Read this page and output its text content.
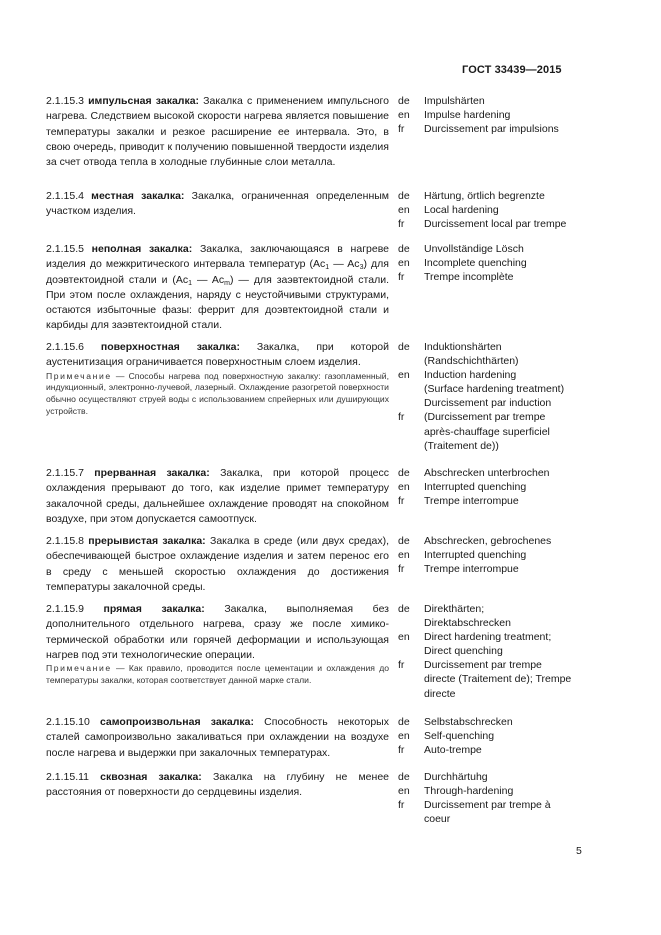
ГОСТ 33439—2015

2.1.15.3 импульсная закалка: Закалка с применением импульсного нагрева. Следствием высокой скорости нагрева является повышение температуры закалки и резкое расширение ее интервала. Это, в свою очередь, приводит к получению повышенной твердости изделия за счет отвода тепла в холодные глубинные слои металла.

de	Impulshärten
en	Impulse hardening
fr	Durcissement par impulsions

2.1.15.4 местная закалка: Закалка, ограниченная определенным участком изделия.

de	Härtung, örtlich begrenzte
en	Local hardening
fr	Durcissement local par trempe

2.1.15.5 неполная закалка: Закалка, заключающаяся в нагреве изделия до межкритического интервала температур ($Ac_1$ — $Ac_3$) для доэвтектоидной стали и ($Ac_1$ — $Ac_m$) — для заэвтектоидной стали. При этом после охлаждения, наряду с неустойчивыми структурами, остаются избыточные фазы: феррит для доэвтектоидной стали и карбиды для заэвтектоидной стали.

de	Unvollständige Lösch
en	Incomplete quenching
fr	Trempe incomplète

2.1.15.6 поверхностная закалка: Закалка, при которой аустенитизация ограничивается поверхностным слоем изделия.

Примечание — Способы нагрева под поверхностную закалку: газопламенный, индукционный, электронно-лучевой, лазерный. Охлаждение разогретой поверхности обычно осуществляют струей воды с использованием спрейерных или душирующих устройств.

de	Induktionshärten
(Randschichthärten)
en	Induction hardening
(Surface hardening treatment)
Durcissement par induction
fr	(Durcissement par trempe
après-chauffage superficiel
(Traitement de))

2.1.15.7 прерванная закалка: Закалка, при которой процесс охлаждения прерывают до того, как изделие примет температуру закалочной среды, дальнейшее охлаждение проводят на спокойном воздухе, при этом допускается самоотпуск.

de	Abschrecken unterbrochen
en	Interrupted quenching
fr	Trempe interrompue

2.1.15.8 прерывистая закалка: Закалка в среде (или двух средах), обеспечивающей быстрое охлаждение изделия и затем перенос его в среду с меньшей скоростью охлаждения до достижения температуры закалочной среды.

de	Abschrecken, gebrochenes
en	Interrupted quenching
fr	Trempe interrompue

2.1.15.9 прямая закалка: Закалка, выполняемая без дополнительного отдельного нагрева, сразу же после химико-термической обработки или горячей деформации и использующая нагрев под эти технологические операции.

Примечание — Как правило, проводится после цементации и охлаждения до температуры закалки, которая соответствует данной марке стали.

de	Direkthärten;
Direktabschrecken
en	Direct hardening treatment;
Direct quenching
fr	Durcissement par trempe
directe (Traitement de); Trempe
directe

2.1.15.10 самопроизвольная закалка: Способность некоторых сталей самопроизвольно закаливаться при охлаждении на воздухе после нагрева и выдержки при закалочных температурах.

de	Selbstabschrecken
en	Self-quenching
fr	Auto-trempe

2.1.15.11 сквозная закалка: Закалка на глубину не менее расстояния от поверхности до сердцевины изделия.

de	Durchhärtuhg
en	Through-hardening
fr	Durcissement par trempe à
coeur
5
